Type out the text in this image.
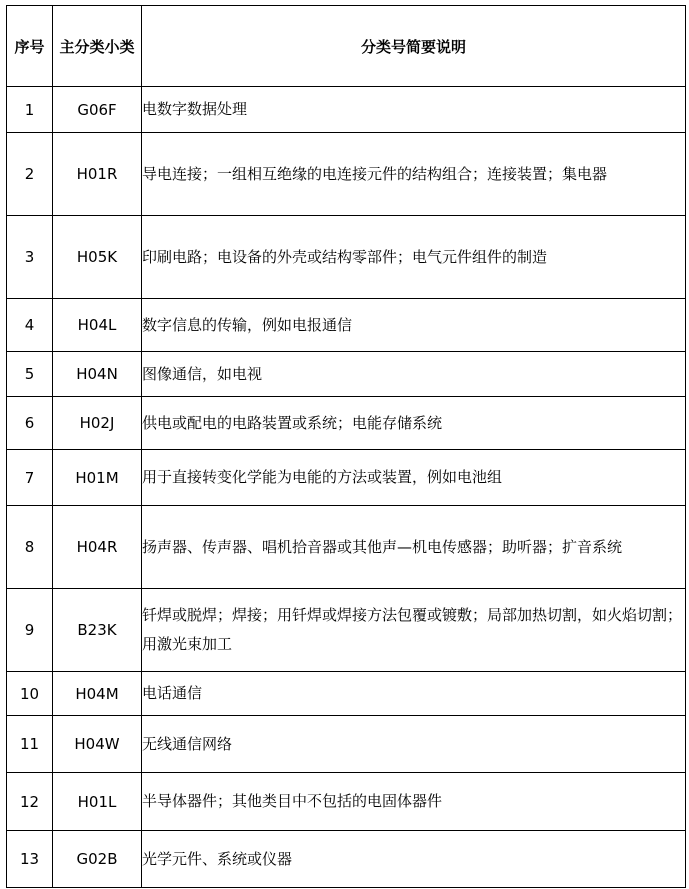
序号	主分类小类	分类号简要说明
1	G06F	电数字数据处理
2	H01R	导电连接；一组相互绝缘的电连接元件的结构组合；连接装置；集电器
3	H05K	印刷电路；电设备的外壳或结构零部件；电气元件组件的制造
4	H04L	数字信息的传输，例如电报通信
5	H04N	图像通信，如电视
6	H02J	供电或配电的电路装置或系统；电能存储系统
7	H01M	用于直接转变化学能为电能的方法或装置，例如电池组
8	H04R	扬声器、传声器、唱机拾音器或其他声—机电传感器；助听器；扩音系统
9	B23K	钎焊或脱焊；焊接；用钎焊或焊接方法包覆或镀敷；局部加热切割，如火焰切割；用激光束加工
10	H04M	电话通信
11	H04W	无线通信网络
12	H01L	半导体器件；其他类目中不包括的电固体器件
13	G02B	光学元件、系统或仪器
